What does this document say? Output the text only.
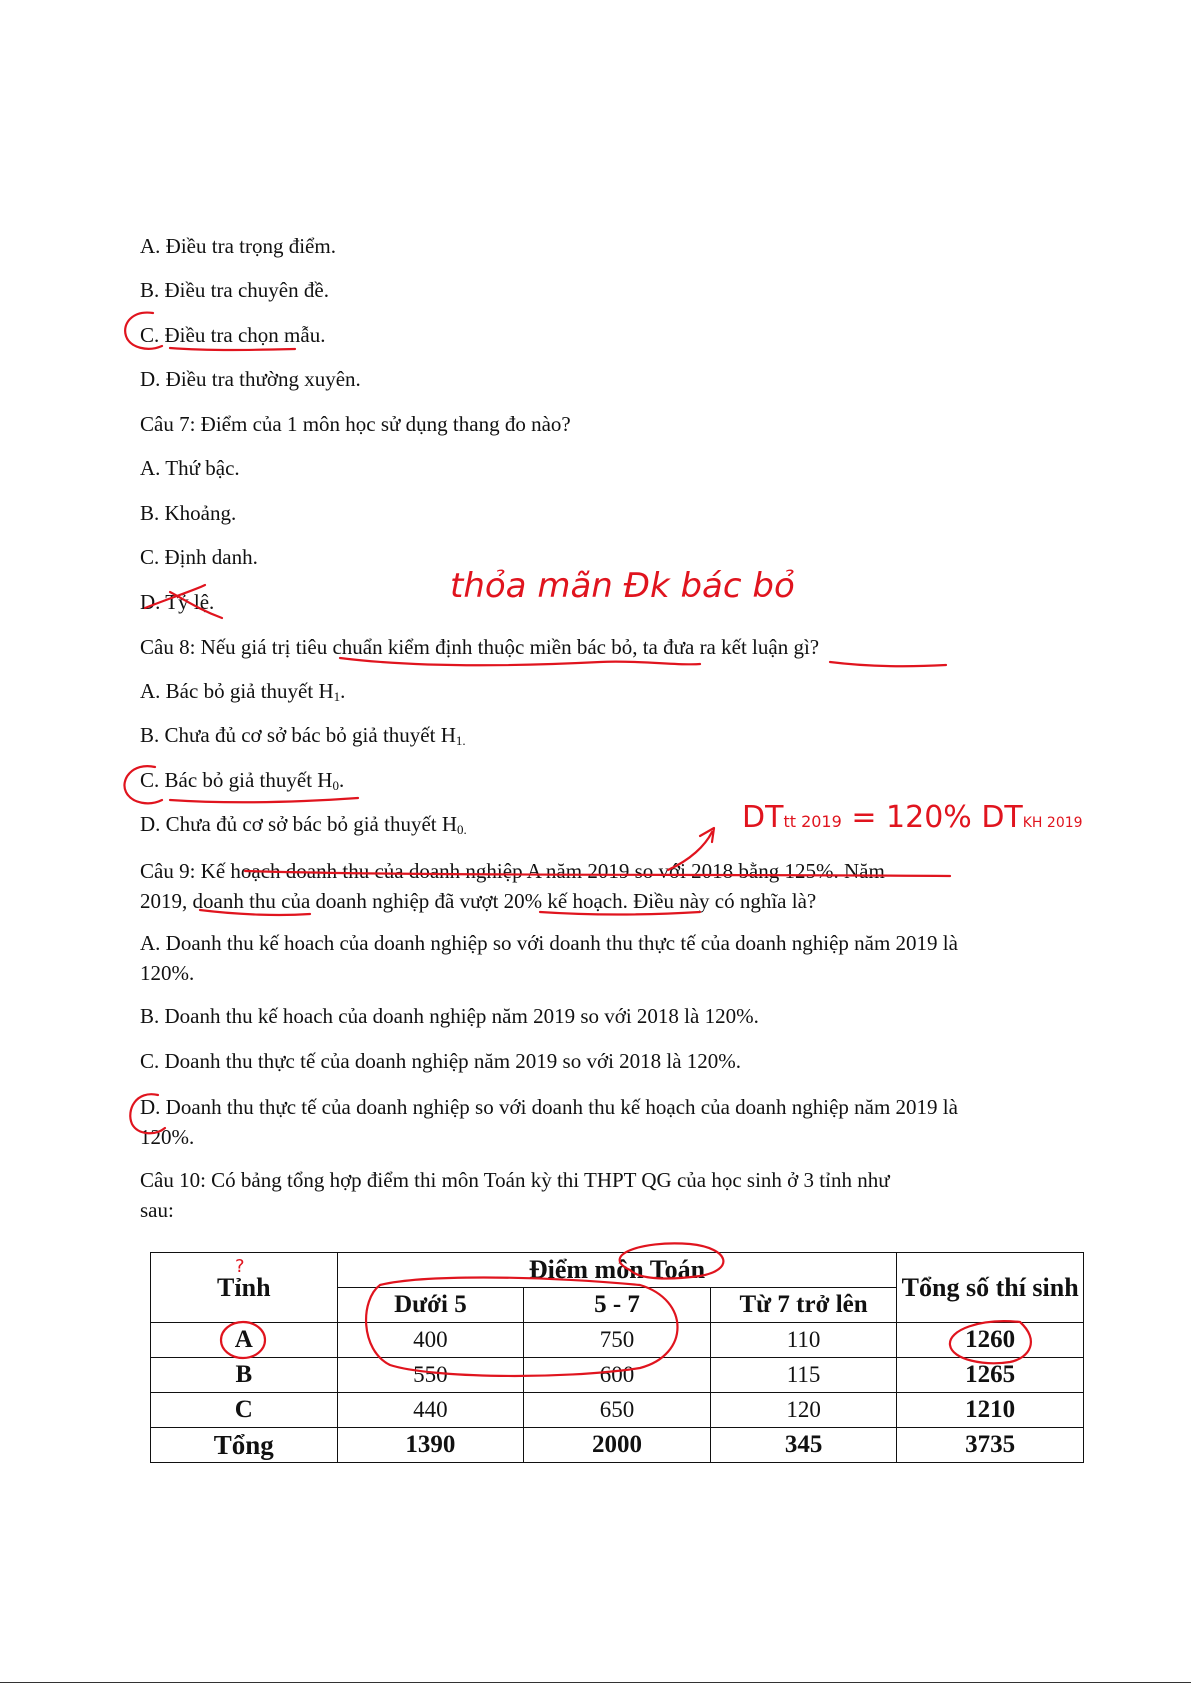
A. Điều tra trọng điểm.
B. Điều tra chuyên đề.
C. Điều tra chọn mẫu.
D. Điều tra thường xuyên.
Câu 7: Điểm của 1 môn học sử dụng thang đo nào?
A. Thứ bậc.
B. Khoảng.
C. Định danh.
D. Tỷ lệ.
Câu 8: Nếu giá trị tiêu chuẩn kiểm định thuộc miền bác bỏ, ta đưa ra kết luận gì?
A. Bác bỏ giả thuyết $H_1$.
B. Chưa đủ cơ sở bác bỏ giả thuyết $H_{1.}$
C. Bác bỏ giả thuyết $H_0$.
D. Chưa đủ cơ sở bác bỏ giả thuyết $H_{0.}$
Câu 9: Kế hoạch doanh thu của doanh nghiệp A năm 2019 so với 2018 bằng 125%. Năm
2019, doanh thu của doanh nghiệp đã vượt 20% kế hoạch. Điều này có nghĩa là?
A. Doanh thu kế hoach của doanh nghiệp so với doanh thu thực tế của doanh nghiệp năm 2019 là
120%.
B. Doanh thu kế hoach của doanh nghiệp năm 2019 so với 2018 là 120%.
C. Doanh thu thực tế của doanh nghiệp năm 2019 so với 2018 là 120%.
D. Doanh thu thực tế của doanh nghiệp so với doanh thu kế hoạch của doanh nghiệp năm 2019 là
120%.
Câu 10: Có bảng tổng hợp điểm thi môn Toán kỳ thi THPT QG của học sinh ở 3 tỉnh như
sau:
Tỉnh	Điểm môn Toán			Tổng số thí sinh
	Dưới 5	5 - 7	Từ 7 trở lên	
A	400	750	110	1260
B	550	600	115	1265
C	440	650	120	1210
Tổng	1390	2000	345	3735
thỏa mãn Đk bác bỏ
DTtt 2019 = 120% DTKH 2019
?
